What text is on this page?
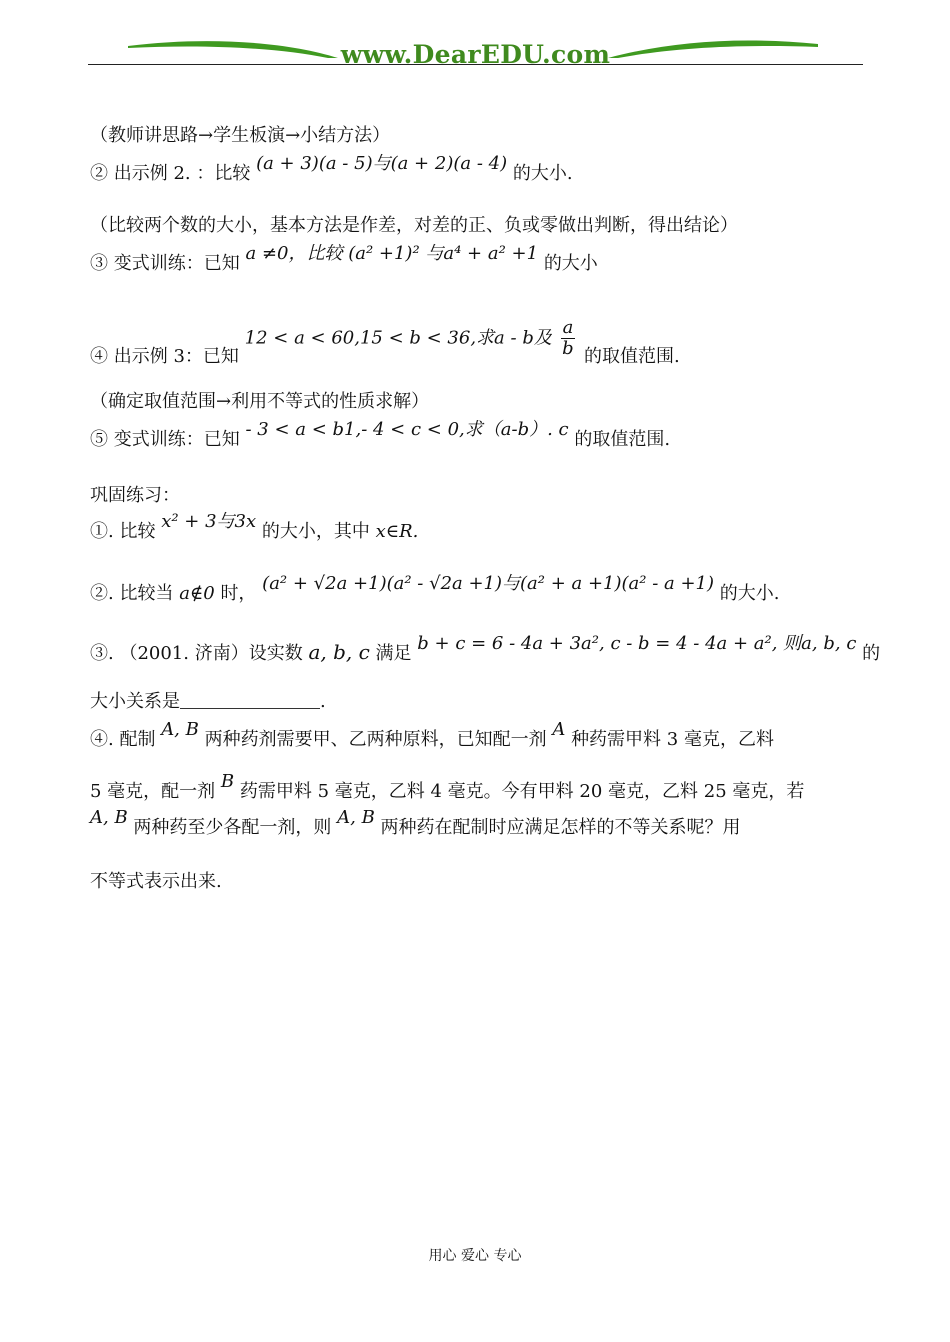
www.DearEDU.com
（教师讲思路→学生板演→小结方法）
② 出示例 2. ：比较 (a + 3)(a - 5)与(a + 2)(a - 4) 的大小.
（比较两个数的大小，基本方法是作差，对差的正、负或零做出判断，得出结论）
③ 变式训练：已知 a ≠0，比较 (a² +1)² 与a⁴ + a² +1 的大小
④ 出示例 3：已知 12 < a < 60,15 < b < 36,求a - b及 $\frac{a}{b}$ 的取值范围.
（确定取值范围→利用不等式的性质求解）
⑤ 变式训练：已知 - 3 < a < b1,- 4 < c < 0,求（a-b）. c 的取值范围.
巩固练习：
①. 比较 x² + 3与3x 的大小，其中 x∈R.
②. 比较当 a∉0 时， (a² + √2a +1)(a² - √2a +1)与(a² + a +1)(a² - a +1) 的大小.
③. （2001. 济南）设实数 a, b, c 满足 b + c = 6 - 4a + 3a², c - b = 4 - 4a + a², 则a, b, c 的
大小关系是	.
④. 配制 A, B 两种药剂需要甲、乙两种原料，已知配一剂 A 种药需甲料 3 毫克，乙料
5 毫克，配一剂 B 药需甲料 5 毫克，乙料 4 毫克。今有甲料 20 毫克，乙料 25 毫克，若
A, B 两种药至少各配一剂，则 A, B 两种药在配制时应满足怎样的不等关系呢？用
不等式表示出来.
用心 爱心 专心
